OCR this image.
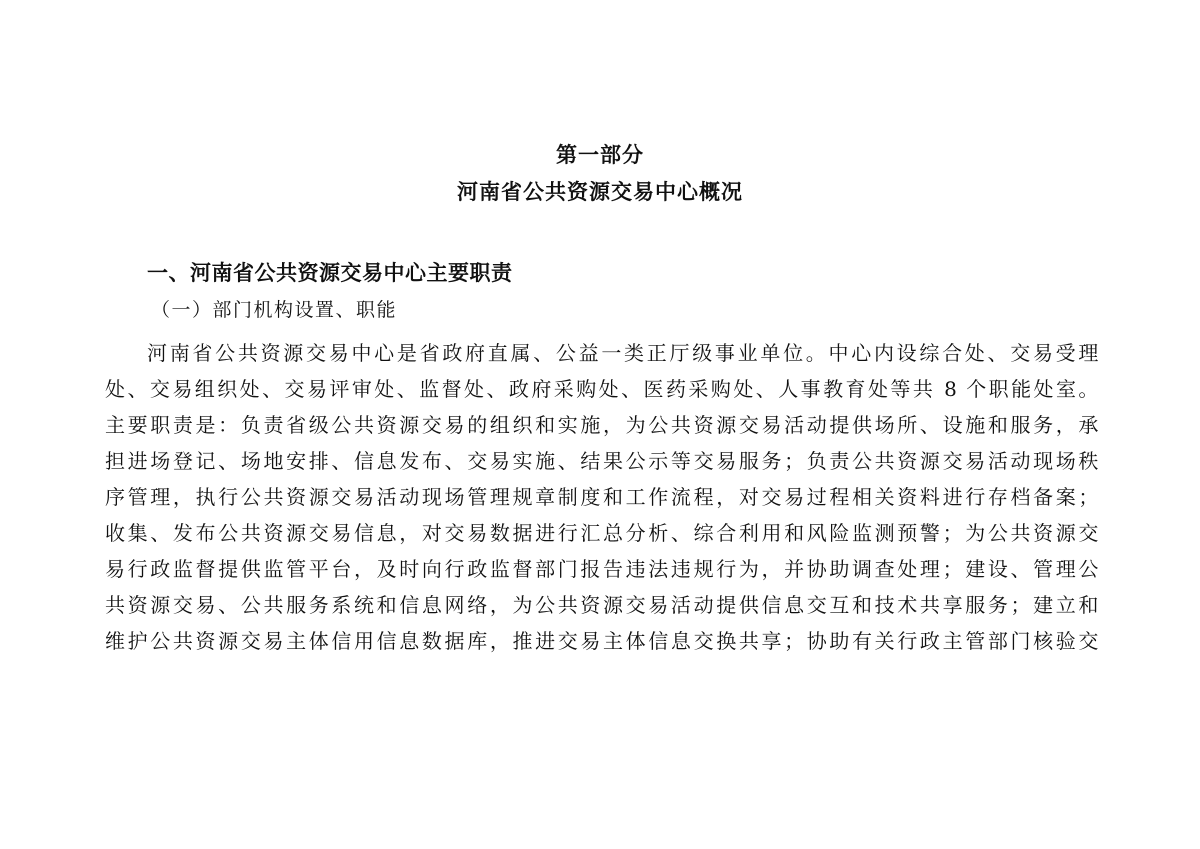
第一部分
河南省公共资源交易中心概况
一、河南省公共资源交易中心主要职责
（一）部门机构设置、职能
河南省公共资源交易中心是省政府直属、公益一类正厅级事业单位。中心内设综合处、交易受理
处、交易组织处、交易评审处、监督处、政府采购处、医药采购处、人事教育处等共 8 个职能处室。
主要职责是：负责省级公共资源交易的组织和实施，为公共资源交易活动提供场所、设施和服务，承
担进场登记、场地安排、信息发布、交易实施、结果公示等交易服务；负责公共资源交易活动现场秩
序管理，执行公共资源交易活动现场管理规章制度和工作流程，对交易过程相关资料进行存档备案；
收集、发布公共资源交易信息，对交易数据进行汇总分析、综合利用和风险监测预警；为公共资源交
易行政监督提供监管平台，及时向行政监督部门报告违法违规行为，并协助调查处理；建设、管理公
共资源交易、公共服务系统和信息网络，为公共资源交易活动提供信息交互和技术共享服务；建立和
维护公共资源交易主体信用信息数据库，推进交易主体信息交换共享；协助有关行政主管部门核验交
